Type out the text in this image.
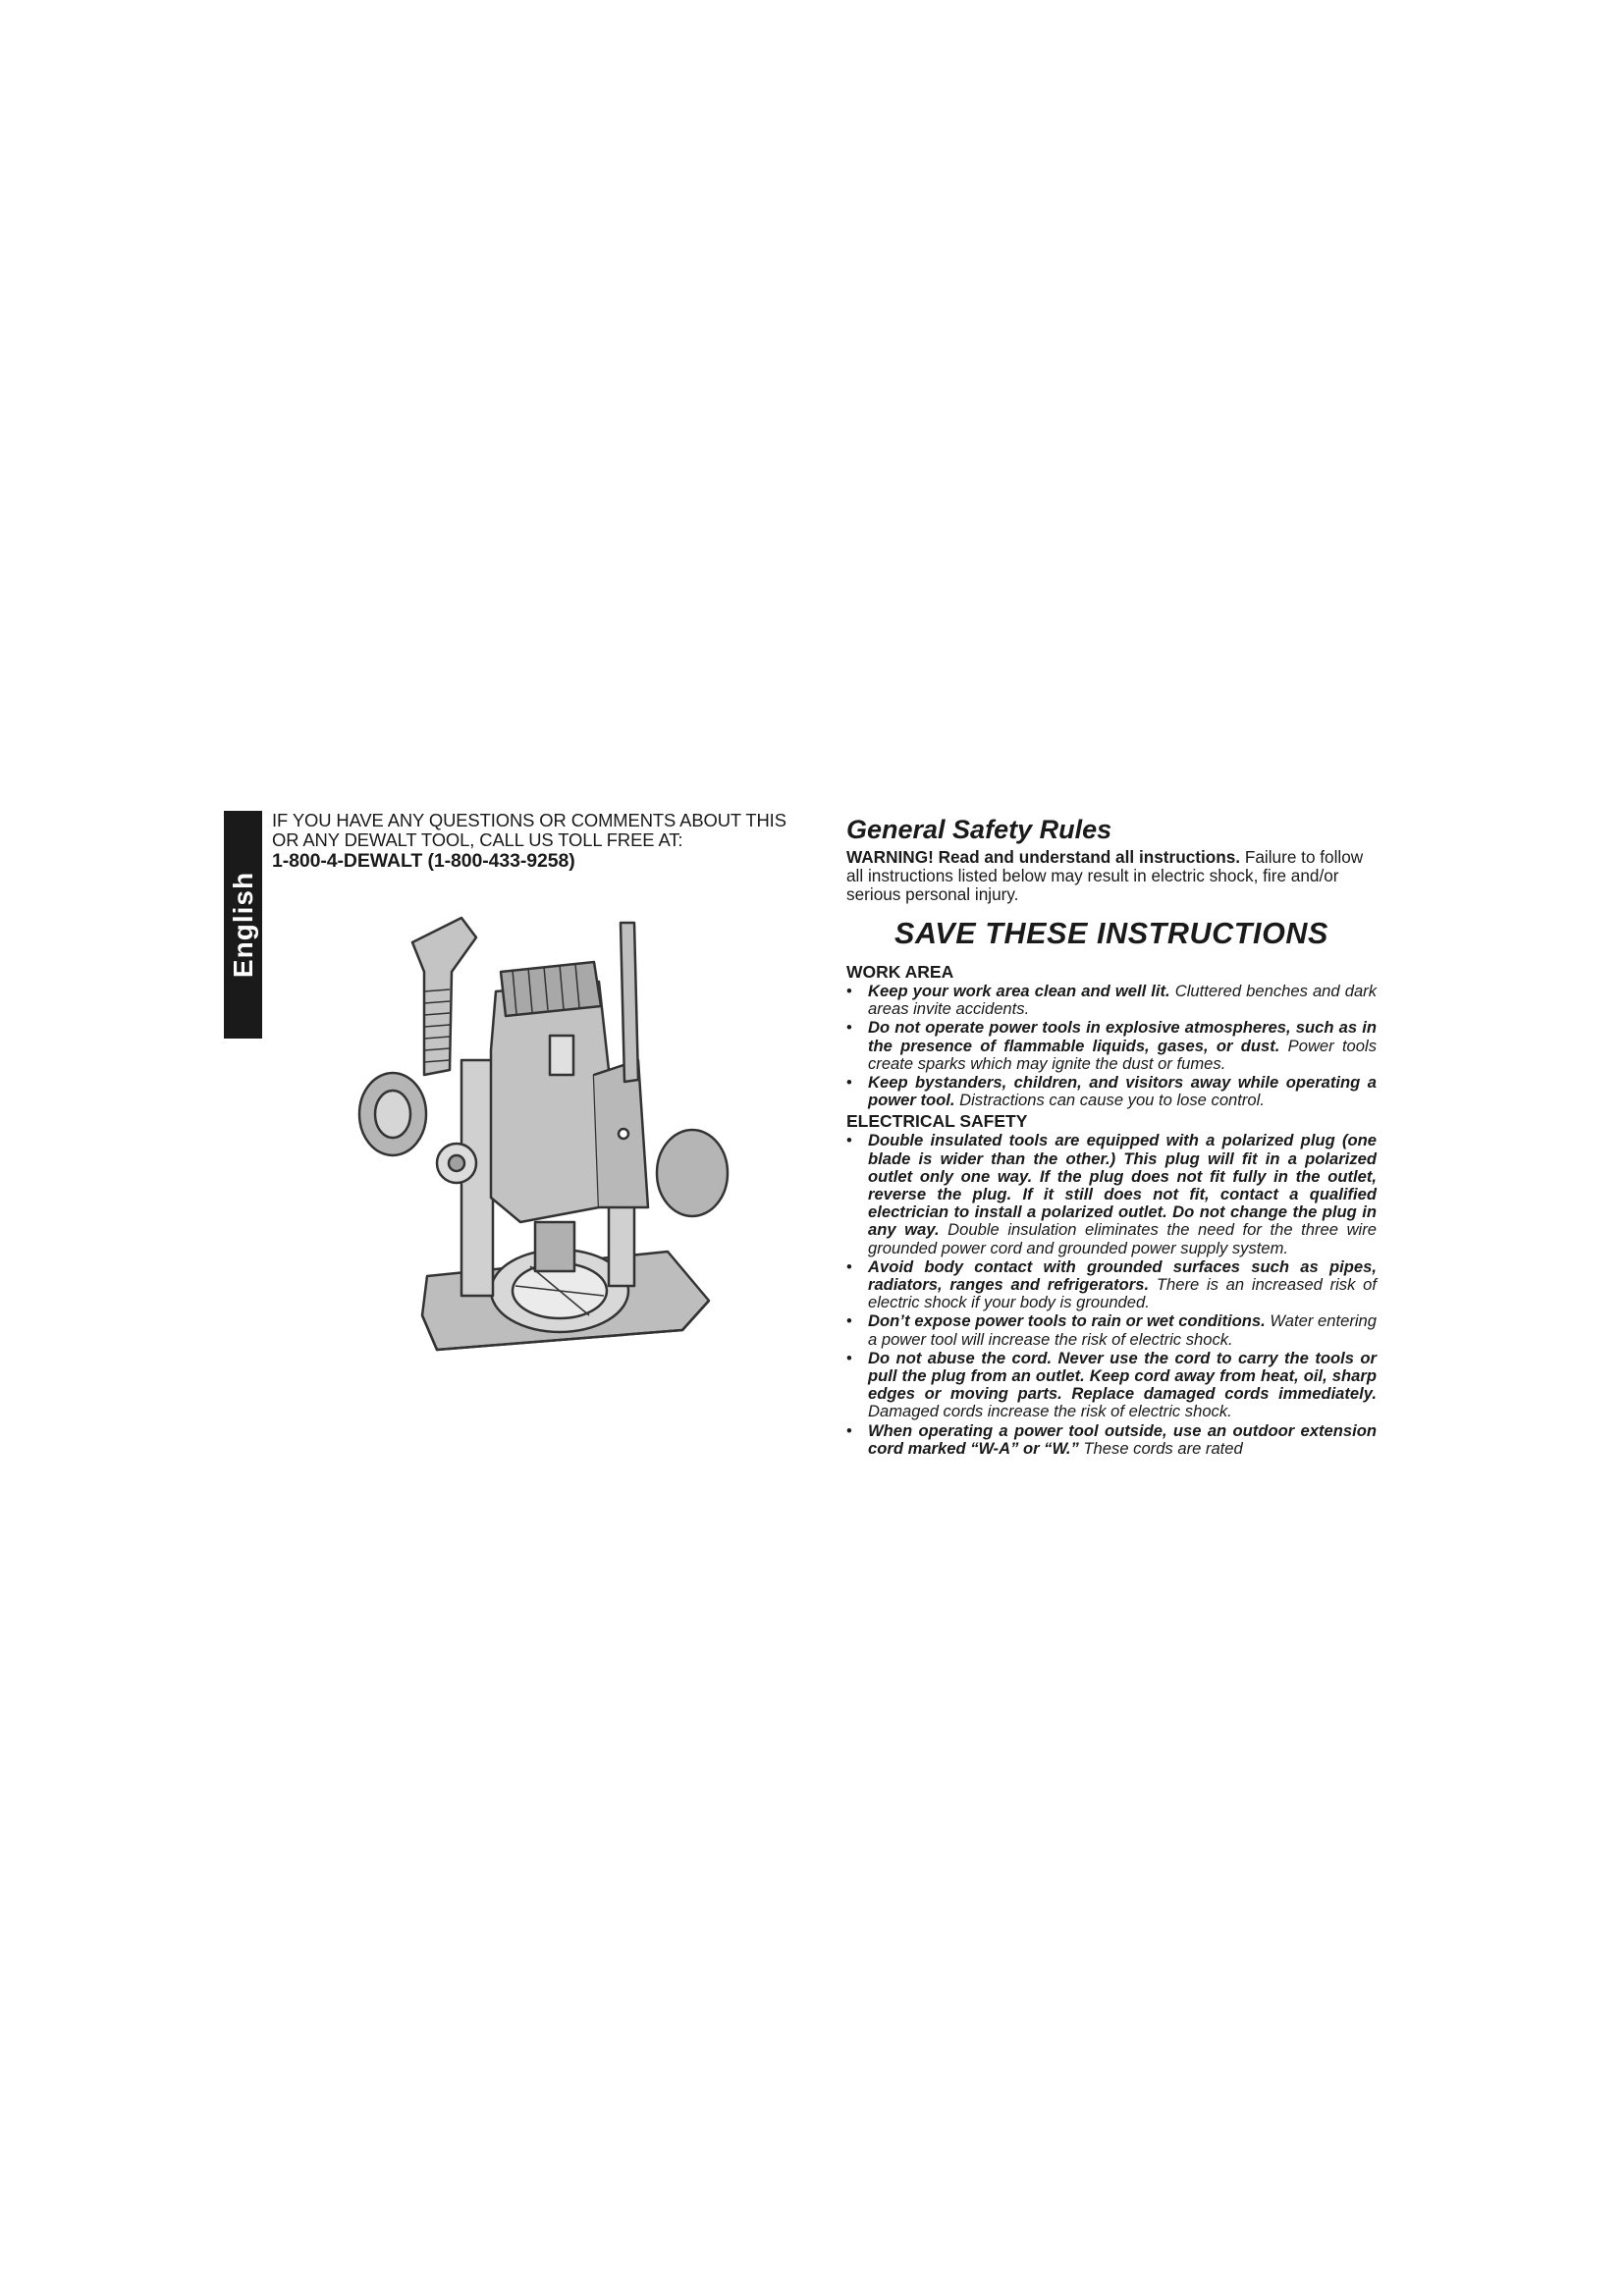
English
IF YOU HAVE ANY QUESTIONS OR COMMENTS ABOUT THIS
OR ANY DEWALT TOOL, CALL US TOLL FREE AT:
1-800-4-DEWALT (1-800-433-9258)
General Safety Rules

WARNING! Read and understand all instructions. Failure to follow all instructions listed below may result in electric shock, fire and/or serious personal injury.

SAVE THESE INSTRUCTIONS
WORK AREA
• Keep your work area clean and well lit. Cluttered benches and dark areas invite accidents.
• Do not operate power tools in explosive atmospheres, such as in the presence of flammable liquids, gases, or dust. Power tools create sparks which may ignite the dust or fumes.
• Keep bystanders, children, and visitors away while operating a power tool. Distractions can cause you to lose control.
ELECTRICAL SAFETY
• Double insulated tools are equipped with a polarized plug (one blade is wider than the other.) This plug will fit in a polarized outlet only one way. If the plug does not fit fully in the outlet, reverse the plug. If it still does not fit, contact a qualified electrician to install a polarized outlet. Do not change the plug in any way. Double insulation eliminates the need for the three wire grounded power cord and grounded power supply system.
• Avoid body contact with grounded surfaces such as pipes, radiators, ranges and refrigerators. There is an increased risk of electric shock if your body is grounded.
• Don’t expose power tools to rain or wet conditions. Water entering a power tool will increase the risk of electric shock.
• Do not abuse the cord. Never use the cord to carry the tools or pull the plug from an outlet. Keep cord away from heat, oil, sharp edges or moving parts. Replace damaged cords immediately. Damaged cords increase the risk of electric shock.
• When operating a power tool outside, use an outdoor extension cord marked “W-A” or “W.” These cords are rated
